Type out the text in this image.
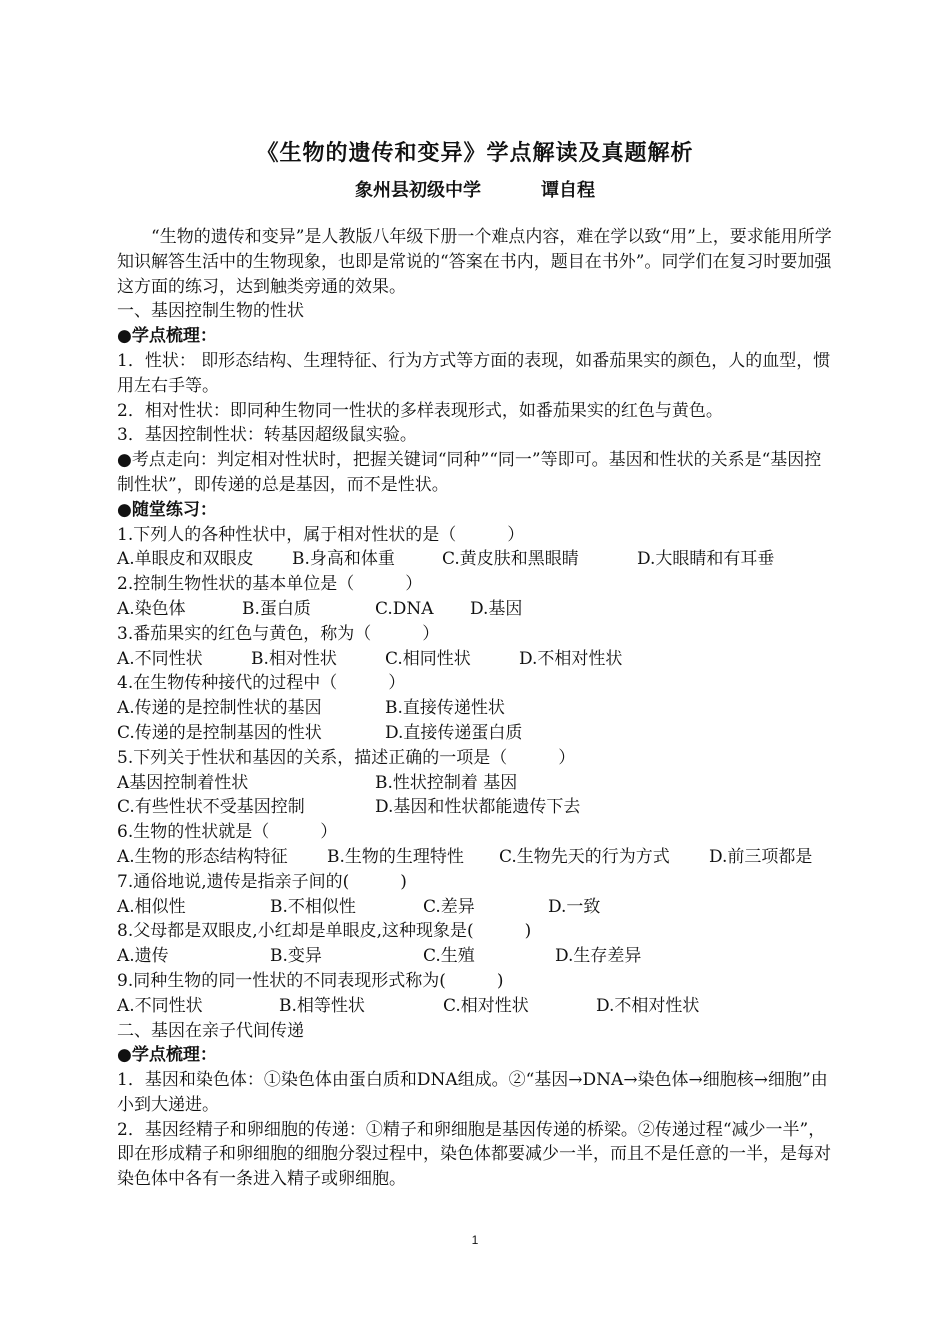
《生物的遗传和变异》学点解读及真题解析
象州县初级中学	谭自程
“生物的遗传和变异”是人教版八年级下册一个难点内容，难在学以致“用”上，要求能用所学知识解答生活中的生物现象，也即是常说的“答案在书内，题目在书外”。同学们在复习时要加强这方面的练习，达到触类旁通的效果。
一、基因控制生物的性状
●学点梳理：
1．性状： 即形态结构、生理特征、行为方式等方面的表现，如番茄果实的颜色，人的血型，惯用左右手等。
2．相对性状：即同种生物同一性状的多样表现形式，如番茄果实的红色与黄色。
3．基因控制性状：转基因超级鼠实验。
●考点走向：判定相对性状时，把握关键词“同种”“同一”等即可。基因和性状的关系是“基因控制性状”，即传递的总是基因，而不是性状。
●随堂练习：
1.下列人的各种性状中，属于相对性状的是（　　　）
A.单眼皮和双眼皮	B.身高和体重	C.黄皮肤和黑眼睛	D.大眼睛和有耳垂
2.控制生物性状的基本单位是（　　　）
A.染色体	B.蛋白质	C.DNA	D.基因
3.番茄果实的红色与黄色，称为（　　　）
A.不同性状	B.相对性状	C.相同性状	D.不相对性状
4.在生物传种接代的过程中（　　　）
A.传递的是控制性状的基因	B.直接传递性状
C.传递的是控制基因的性状	D.直接传递蛋白质
5.下列关于性状和基因的关系，描述正确的一项是（　　　）
A基因控制着性状	B.性状控制着 基因
C.有些性状不受基因控制	D.基因和性状都能遗传下去
6.生物的性状就是（　　　）
A.生物的形态结构特征	B.生物的生理特性	C.生物先天的行为方式	D.前三项都是
7.通俗地说,遗传是指亲子间的(　　　)
A.相似性	B.不相似性	C.差异	D.一致
8.父母都是双眼皮,小红却是单眼皮,这种现象是(　　　)
A.遗传	B.变异	C.生殖	D.生存差异
9.同种生物的同一性状的不同表现形式称为(　　　)
A.不同性状	B.相等性状	C.相对性状	D.不相对性状
二、基因在亲子代间传递
●学点梳理：
1．基因和染色体：①染色体由蛋白质和DNA组成。②“基因→DNA→染色体→细胞核→细胞”由小到大递进。
2．基因经精子和卵细胞的传递：①精子和卵细胞是基因传递的桥梁。②传递过程“减少一半”，即在形成精子和卵细胞的细胞分裂过程中，染色体都要减少一半，而且不是任意的一半，是每对染色体中各有一条进入精子或卵细胞。
1
